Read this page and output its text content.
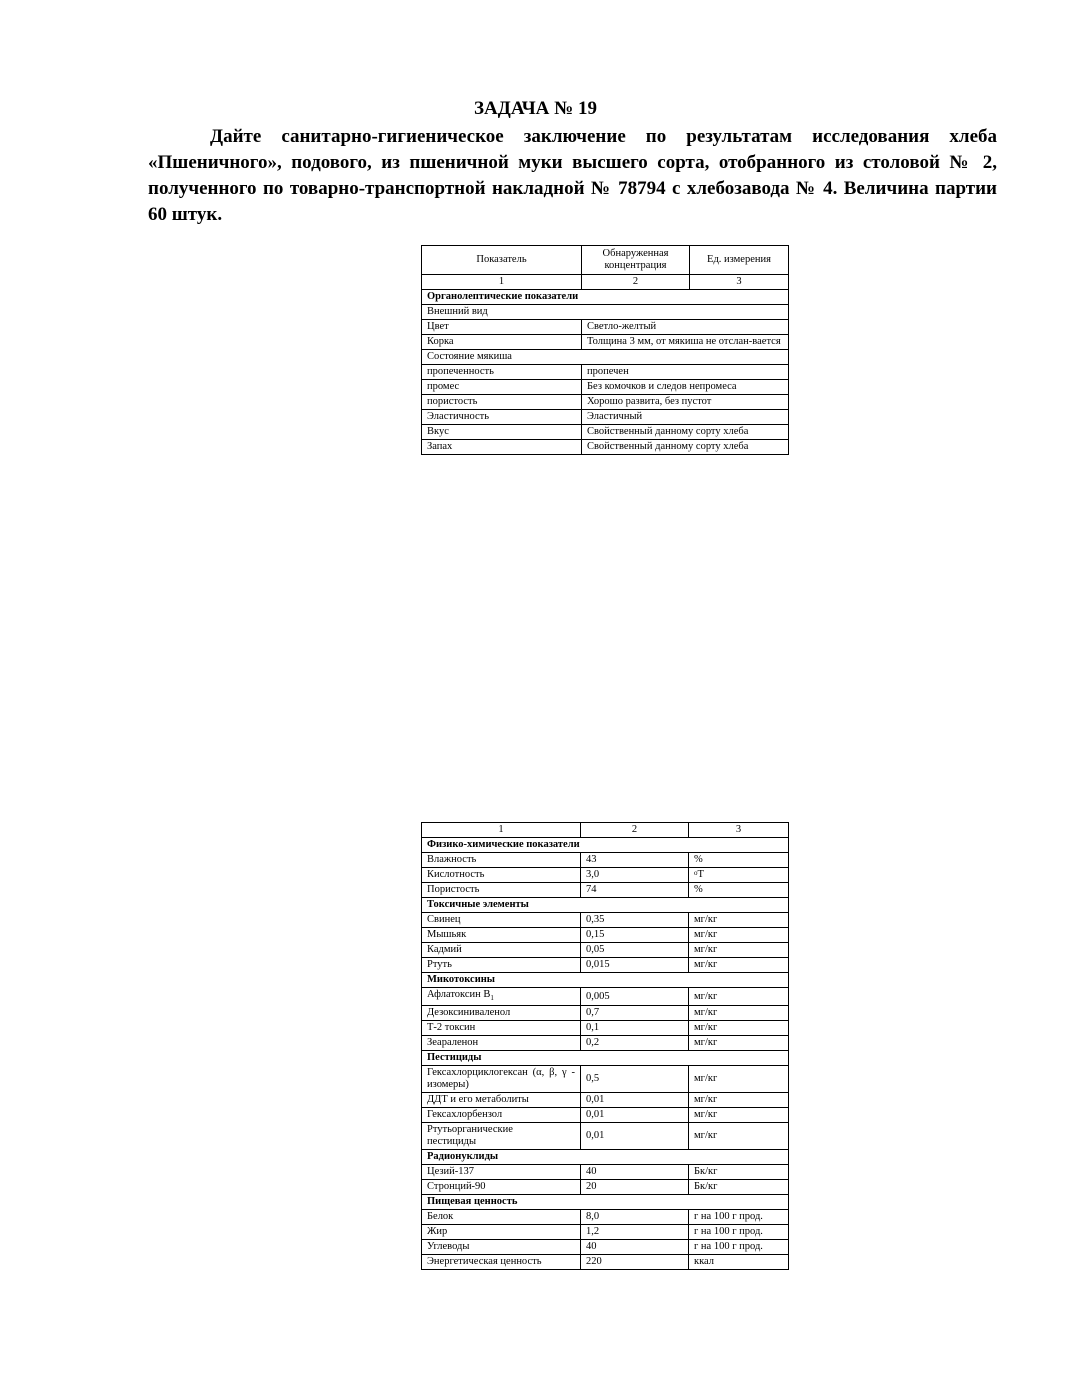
ЗАДАЧА № 19

Дайте санитарно-гигиеническое заключение по результатам исследования хлеба «Пшеничного», подового, из пшеничной муки высшего сорта, отобранного из столовой № 2, полученного по товарно-транспортной накладной № 78794 с хлебозавода № 4. Величина партии 60 штук.

Показатель	Обнаруженная концентрация	Ед. измерения
1	2	3
Органолептические показатели		
Внешний вид		
Цвет	Светло-желтый	
Корка	Толщина 3 мм, от мякиша не отслан-вается	
Состояние мякиша		
пропеченность	пропечен	
промес	Без комочков и следов непромеса	
пористость	Хорошо развита, без пустот	
Эластичность	Эластичный	
Вкус	Свойственный данному сорту хлеба	
Запах	Свойственный данному сорту хлеба	
1	2	3
Физико-химические показатели		
Влажность	43	%
Кислотность	3,0	$^о$Т
Пористость	74	%
Токсичные элементы		
Свинец	0,35	мг/кг
Мышьяк	0,15	мг/кг
Кадмий	0,05	мг/кг
Ртуть	0,015	мг/кг
Микотоксины		
Афлатоксин $В_1$	0,005	мг/кг
Дезоксиниваленол	0,7	мг/кг
Т-2 токсин	0,1	мг/кг
Зеараленон	0,2	мг/кг
Пестициды		
Гексахлорциклогексан (α, β, γ - изомеры)	0,5	мг/кг
ДДТ и его метаболиты	0,01	мг/кг
Гексахлорбензол	0,01	мг/кг
Ртутьорганические пестициды	0,01	мг/кг
Радионуклиды		
Цезий-137	40	Бк/кг
Стронций-90	20	Бк/кг
Пищевая ценность		
Белок	8,0	г на 100 г прод.
Жир	1,2	г на 100 г прод.
Углеводы	40	г на 100 г прод.
Энергетическая ценность	220	ккал
